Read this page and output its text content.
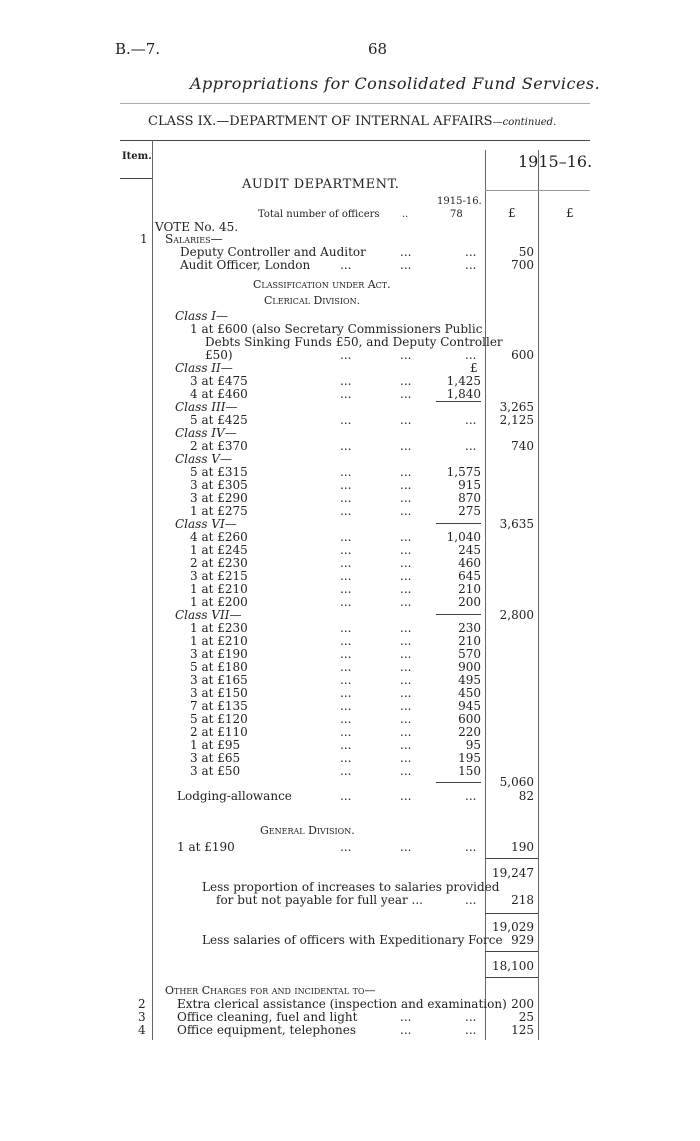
B.—7.	68
Appropriations for Consolidated Fund Services.
CLASS IX.—DEPARTMENT OF INTERNAL AFFAIRS—continued.
Item.	1915–16.
AUDIT DEPARTMENT.
1915-16.
Total number of officers ..	78	£	£
VOTE No. 45.
1 Salaries—
Deputy Controller and Auditor	...	...	50
Audit Officer, London ...	...	...	700
Classification under Act.
Clerical Division.
Class I—
1 at £600 (also Secretary Commissioners Public
Debts Sinking Funds £50, and Deputy Controller
£50)	...	...	...	600
Class II—	£
3 at £475	...	...	1,425
4 at £460	...	...	1,840
3,265
Class III—
5 at £425	...	...	...	2,125
Class IV—
2 at £370	...	...	...	740
Class V—
5 at £315	...	...	1,575
3 at £305	...	...	915
3 at £290	...	...	870
1 at £275	...	...	275
3,635
Class VI—
4 at £260	...	...	1,040
1 at £245	...	...	245
2 at £230	...	...	460
3 at £215	...	...	645
1 at £210	...	...	210
1 at £200	...	...	200
2,800
Class VII—
1 at £230	...	...	230
1 at £210	...	...	210
3 at £190	...	...	570
5 at £180	...	...	900
3 at £165	...	...	495
3 at £150	...	...	450
7 at £135	...	...	945
5 at £120	...	...	600
2 at £110	...	...	220
1 at £95	...	...	95
3 at £65	...	...	195
3 at £50	...	...	150
5,060
Lodging-allowance	...	...	...	82
General Division.
1 at £190	...	...	...	190
19,247
Less proportion of increases to salaries provided
for but not payable for full year ...	...	218
19,029
Less salaries of officers with Expeditionary Force 929
18,100
Other Charges for and incidental to—
2	Extra clerical assistance (inspection and examination) 200
3	Office cleaning, fuel and light	...	...	25
4	Office equipment, telephones	...	...	125
